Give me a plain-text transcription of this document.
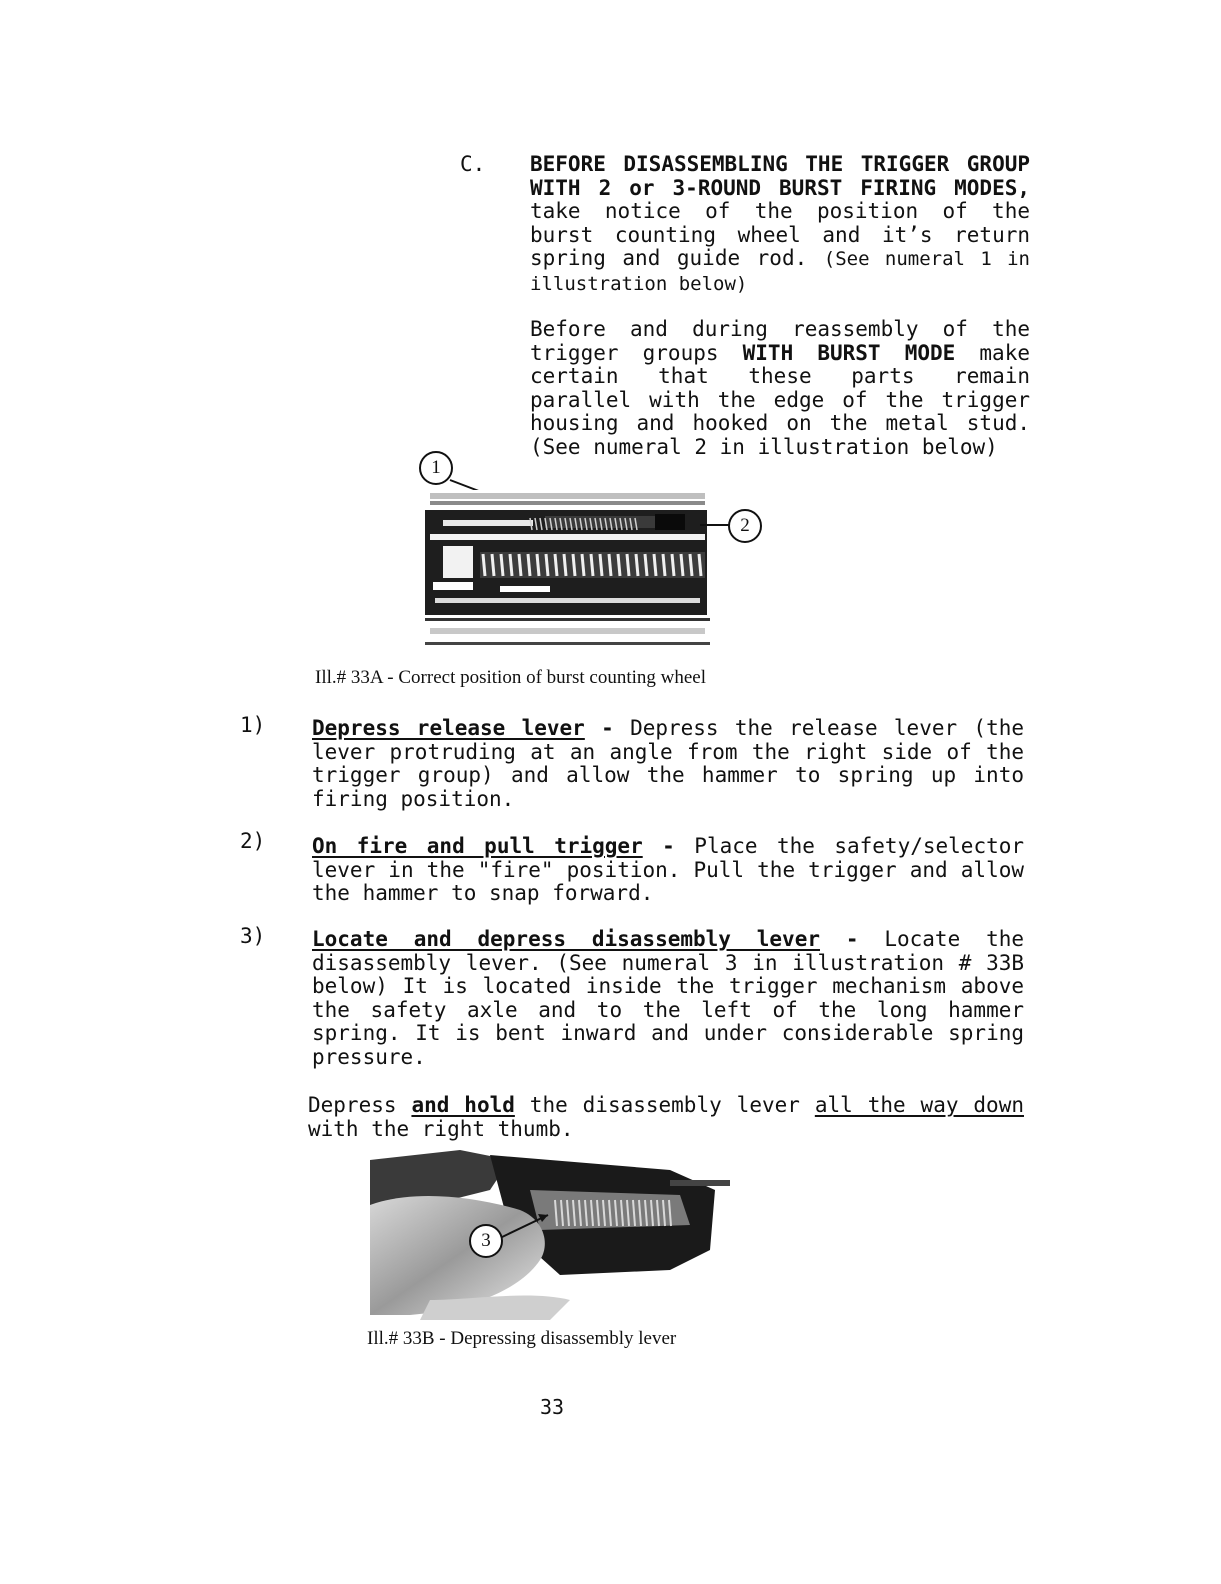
C. BEFORE DISASSEMBLING THE TRIGGER GROUP WITH 2 or 3-ROUND BURST FIRING MODES, take notice of the position of the burst counting wheel and it’s return spring and guide rod. (See numeral 1 in illustration below)
Before and during reassembly of the trigger groups WITH BURST MODE make certain that these parts remain parallel with the edge of the trigger housing and hooked on the metal stud. (See numeral 2 in illustration below)
1
2
Ill.# 33A - Correct position of burst counting wheel
1) Depress release lever - Depress the release lever (the lever protruding at an angle from the right side of the trigger group) and allow the hammer to spring up into firing position.
2) On fire and pull trigger - Place the safety/selector lever in the "fire" position. Pull the trigger and allow the hammer to snap forward.
3) Locate and depress disassembly lever - Locate the disassembly lever. (See numeral 3 in illustration # 33B below) It is located inside the trigger mechanism above the safety axle and to the left of the long hammer spring. It is bent inward and under considerable spring pressure.
Depress and hold the disassembly lever all the way down with the right thumb.
3
Ill.# 33B - Depressing disassembly lever
33
